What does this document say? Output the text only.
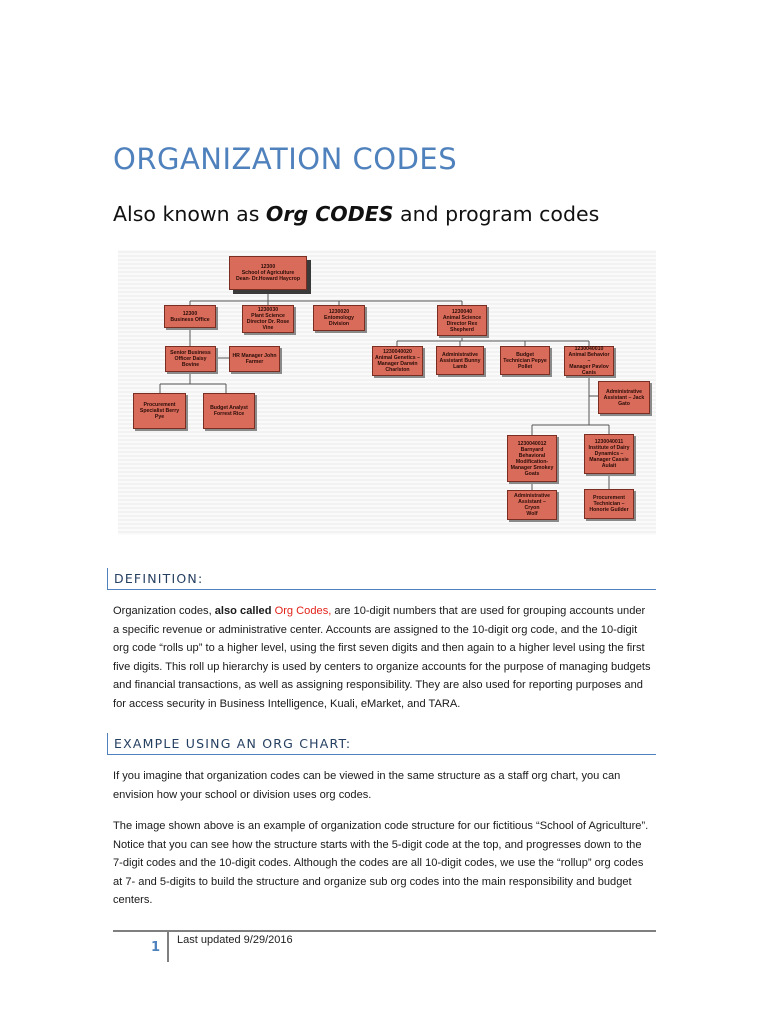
ORGANIZATION CODES
Also known as Org CODES and program codes
12300
School of Agriculture
Dean- Dr.Howard Haycrop
12300
Business Office
1230030
Plant Science
Director Dr. Rose
Vine
1230020
Entomology
Division
1230040
Animal Science
Director Rex
Shepherd
Senior Business
Officer Daisy
Bovine
HR Manager John
Farmer
1230040020
Animal Genetics –
Manager Darwin
Charlston
Administrative
Assistant Bunny
Lamb
Budget
Technician Pepye
Pollet
1230040010
Animal Behavior –
Manager Pavlov
Canis
Procurement
Specialist Berry
Pye
Budget Analyst
Forrest Rice
Administrative
Assistant – Jack
Gato
1230040012
Barnyard
Behavioral
Modification-
Manager Smokey
Goats
1230040011
Institute of Dairy
Dynamics –
Manager Cassie
Aulait
Administrative
Assistant – Cryon
Wolf
Procurement
Technician –
Honorie Guilder
DEFINITION:
Organization codes, also called Org Codes, are 10-digit numbers that are used for grouping accounts under a specific revenue or administrative center. Accounts are assigned to the 10-digit org code, and the 10-digit org code “rolls up” to a higher level, using the first seven digits and then again to a higher level using the first five digits. This roll up hierarchy is used by centers to organize accounts for the purpose of managing budgets and financial transactions, as well as assigning responsibility. They are also used for reporting purposes and for access security in Business Intelligence, Kuali, eMarket, and TARA.
EXAMPLE USING AN ORG CHART:
If you imagine that organization codes can be viewed in the same structure as a staff org chart, you can envision how your school or division uses org codes.
The image shown above is an example of organization code structure for our fictitious “School of Agriculture”. Notice that you can see how the structure starts with the 5-digit code at the top, and progresses down to the 7-digit codes and the 10-digit codes. Although the codes are all 10-digit codes, we use the “rollup” org codes at 7- and 5-digits to build the structure and organize sub org codes into the main responsibility and budget centers.
1 Last updated 9/29/2016
